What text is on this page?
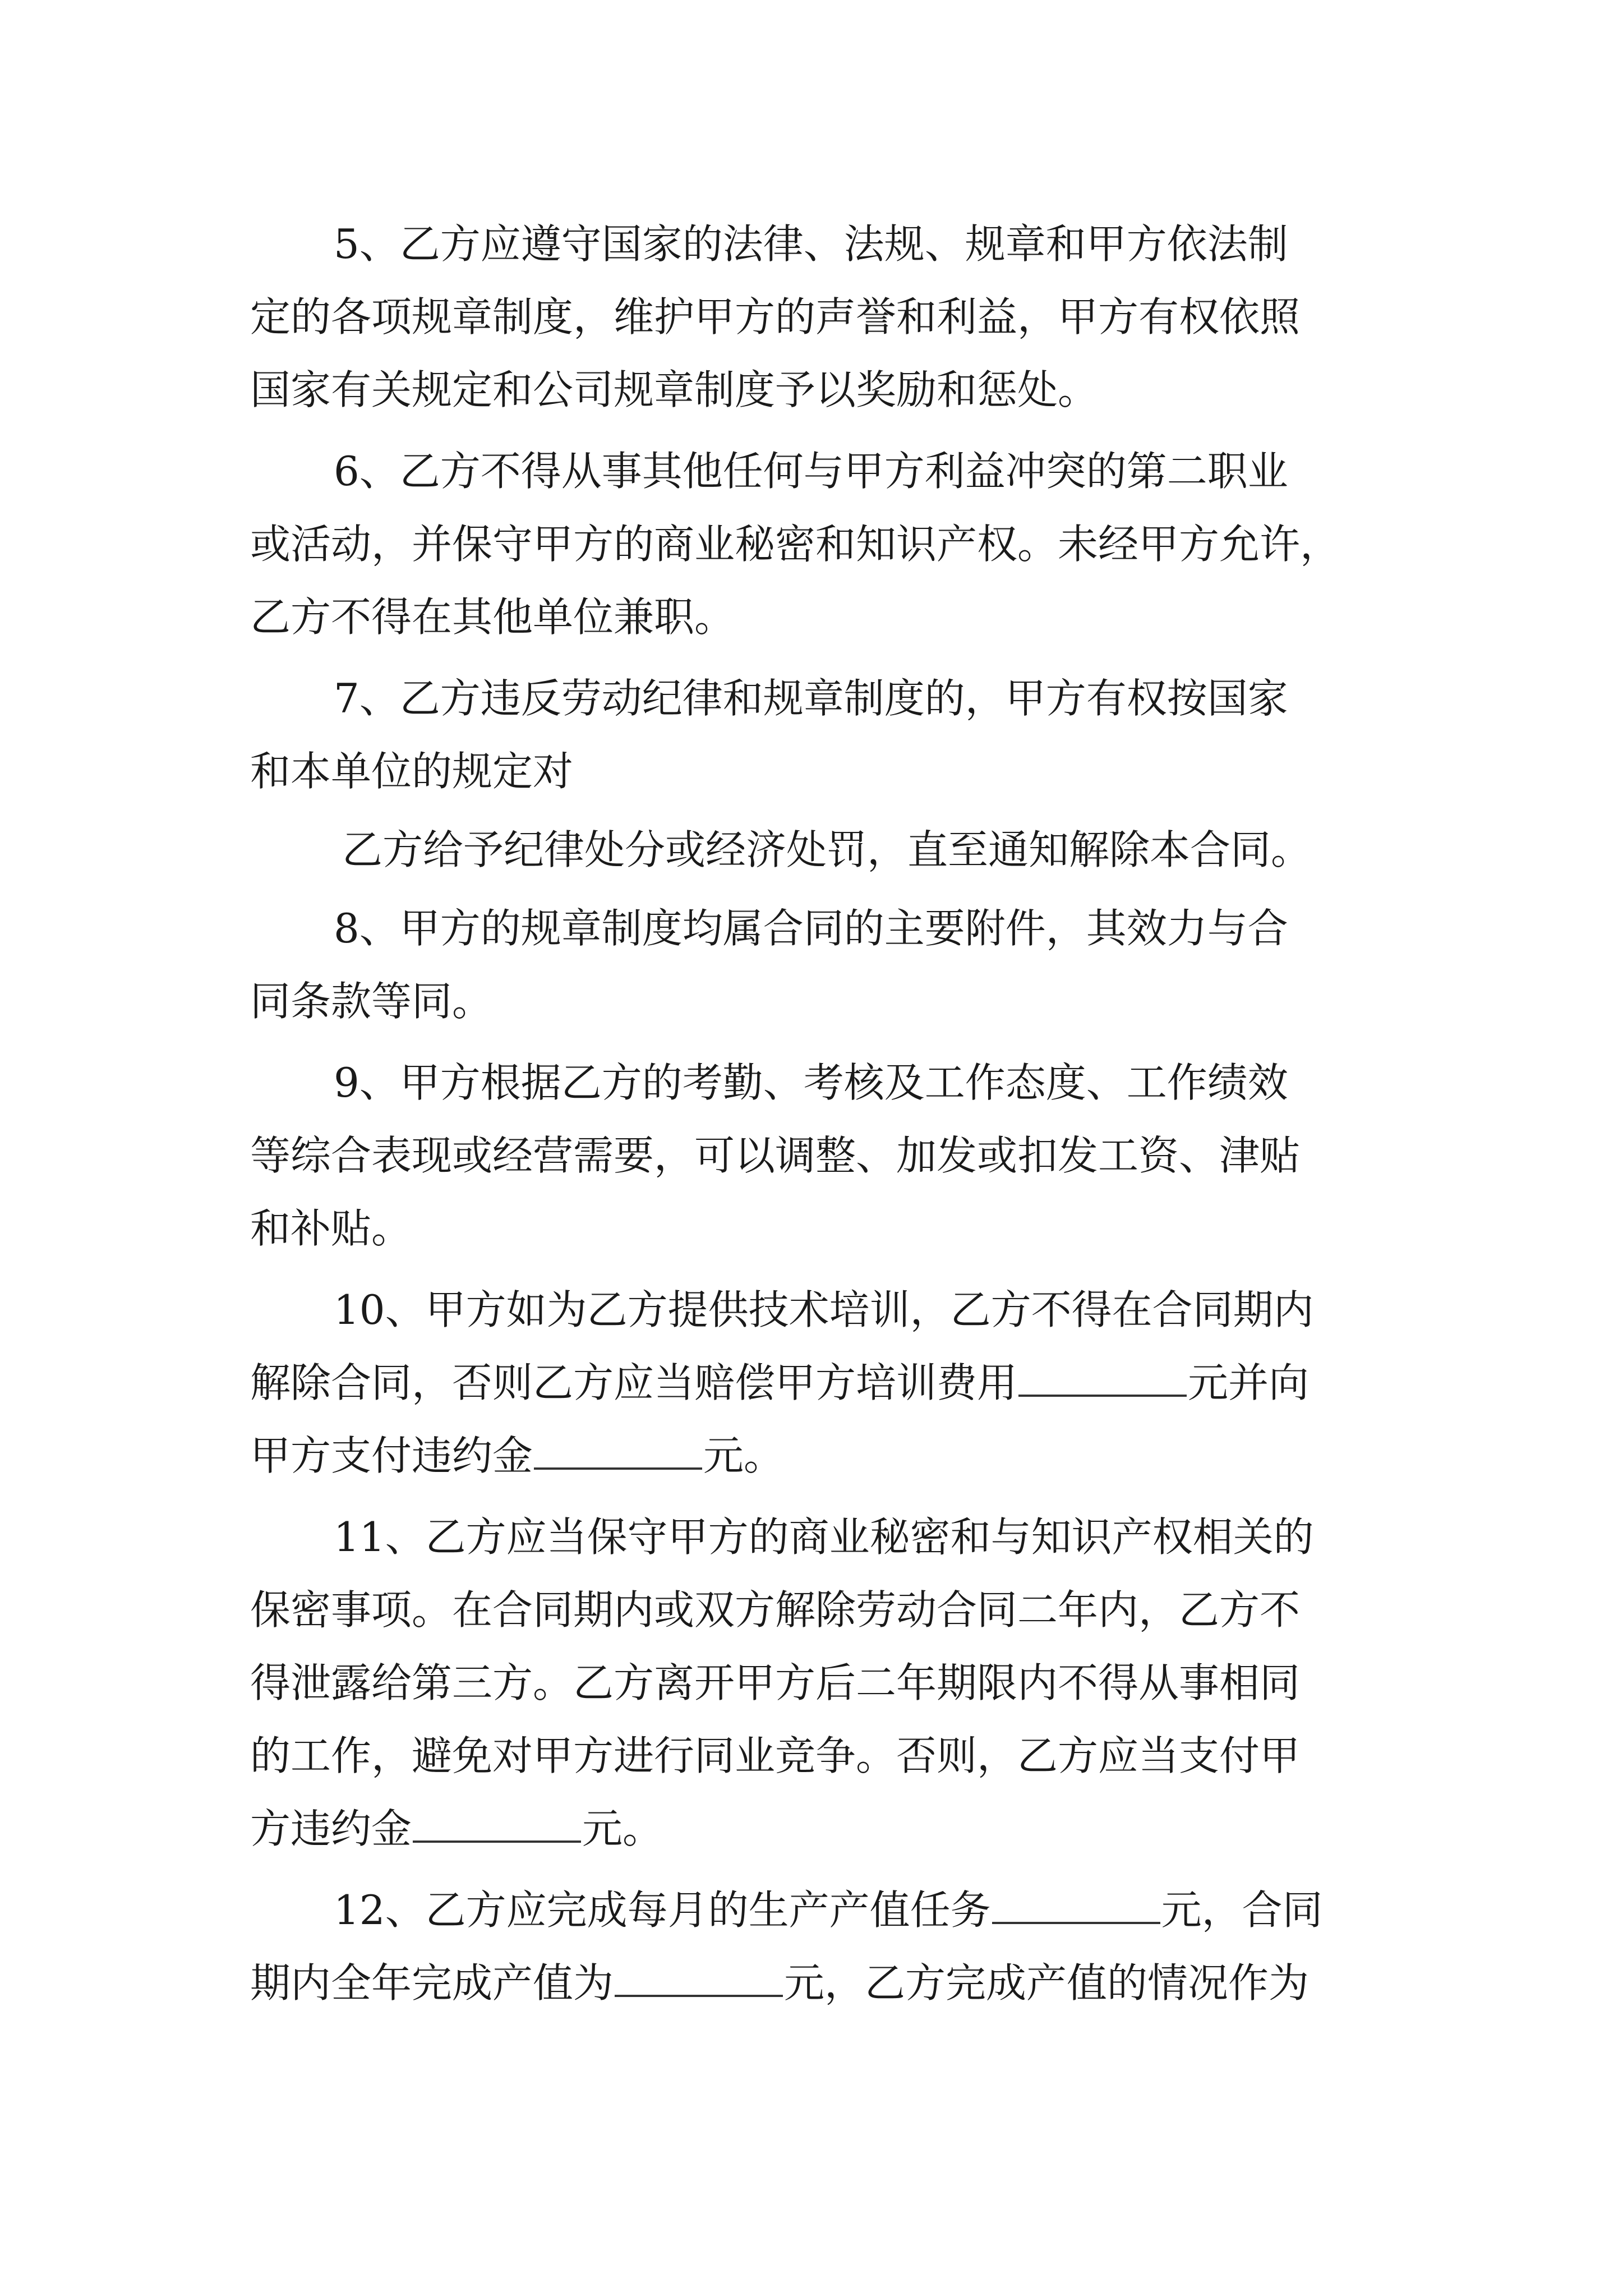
5、乙方应遵守国家的法律、法规、规章和甲方依法制
定的各项规章制度，维护甲方的声誉和利益，甲方有权依照
国家有关规定和公司规章制度予以奖励和惩处。
6、乙方不得从事其他任何与甲方利益冲突的第二职业
或活动，并保守甲方的商业秘密和知识产权。未经甲方允许，
乙方不得在其他单位兼职。
7、乙方违反劳动纪律和规章制度的，甲方有权按国家
和本单位的规定对
乙方给予纪律处分或经济处罚，直至通知解除本合同。
8、甲方的规章制度均属合同的主要附件，其效力与合
同条款等同。
9、甲方根据乙方的考勤、考核及工作态度、工作绩效
等综合表现或经营需要，可以调整、加发或扣发工资、津贴
和补贴。
10、甲方如为乙方提供技术培训，乙方不得在合同期内
解除合同，否则乙方应当赔偿甲方培训费用	元并向
甲方支付违约金	元。
11、乙方应当保守甲方的商业秘密和与知识产权相关的
保密事项。在合同期内或双方解除劳动合同二年内，乙方不
得泄露给第三方。乙方离开甲方后二年期限内不得从事相同
的工作，避免对甲方进行同业竞争。否则，乙方应当支付甲
方违约金	元。
12、乙方应完成每月的生产产值任务	元，合同
期内全年完成产值为	元，乙方完成产值的情况作为
